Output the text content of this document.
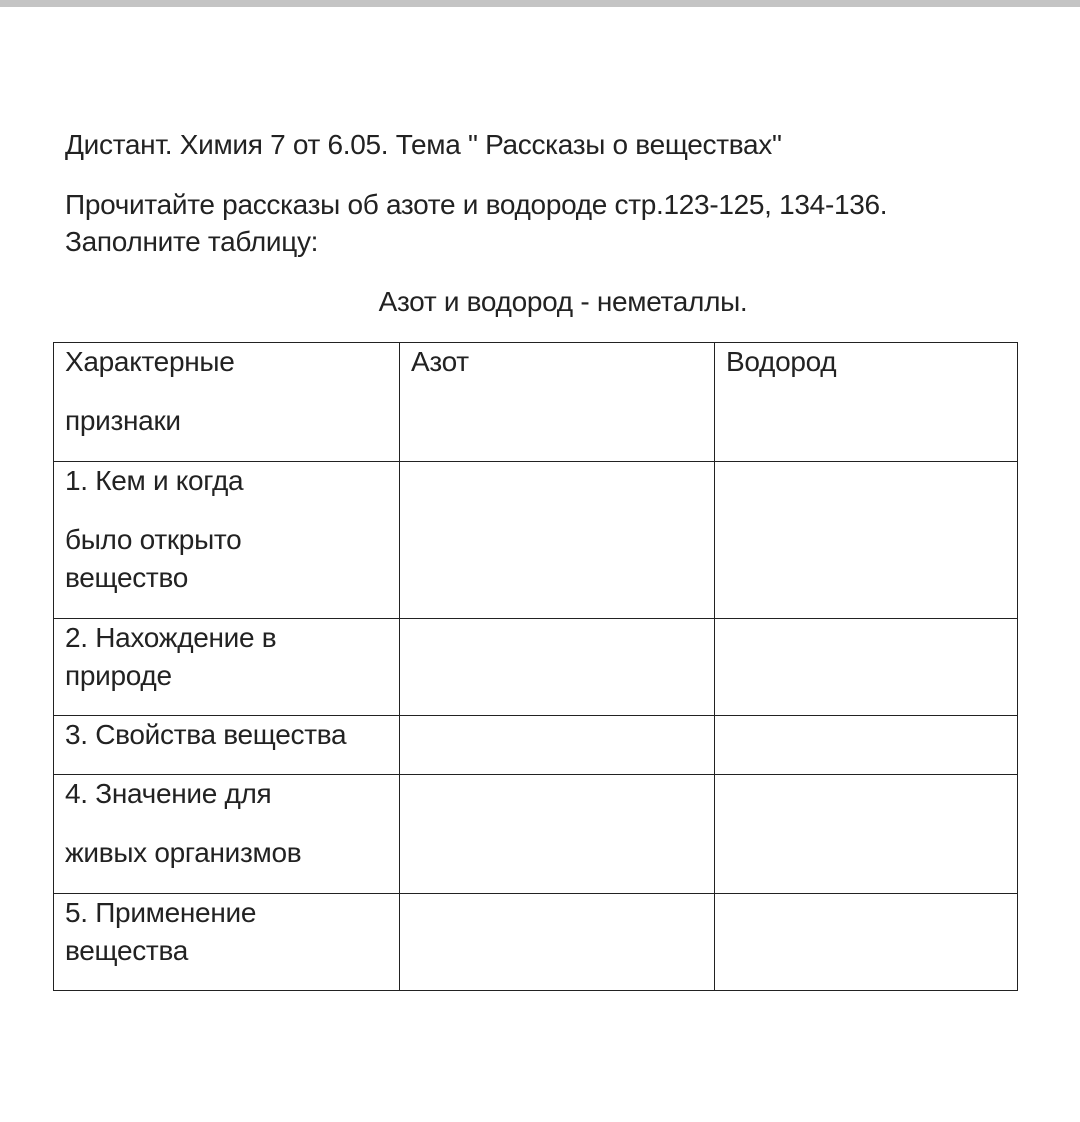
Дистант. Химия 7 от 6.05. Тема " Рассказы о веществах"
Прочитайте рассказы об азоте и водороде стр.123-125, 134-136.
Заполните таблицу:
Азот и водород - неметаллы.
Характерные
признаки	Азот	Водород

1. Кем и когда
было открыто
вещество		

2. Нахождение в
природе		

3. Свойства вещества		

4. Значение для
живых организмов		

5. Применение
вещества		
